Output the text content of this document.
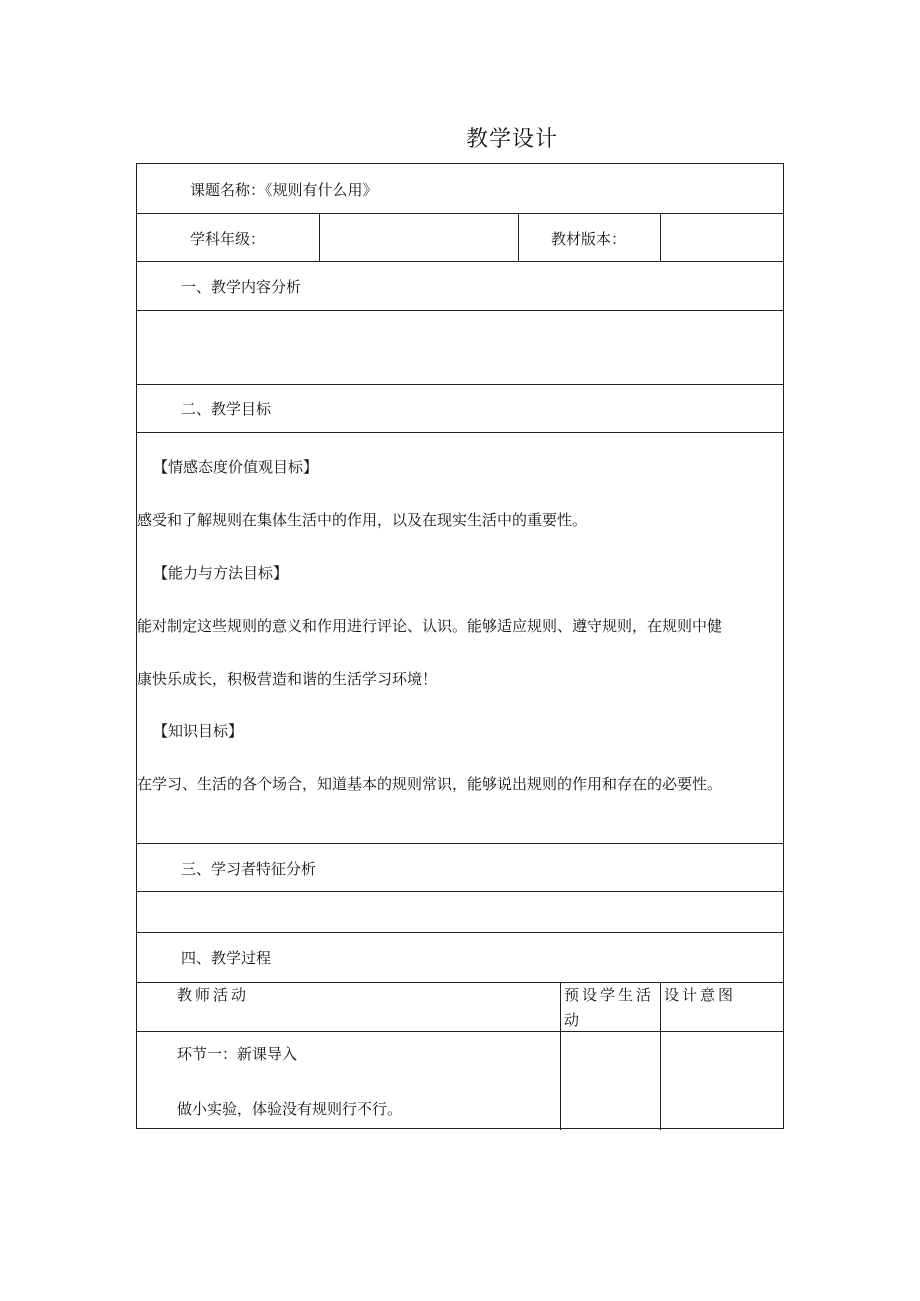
教学设计
课题名称：《规则有什么用》
学科年级：	教材版本：
一、教学内容分析
二、教学目标
【情感态度价值观目标】
感受和了解规则在集体生活中的作用，以及在现实生活中的重要性。
【能力与方法目标】
能对制定这些规则的意义和作用进行评论、认识。能够适应规则、遵守规则，在规则中健
康快乐成长，积极营造和谐的生活学习环境！
【知识目标】
在学习、生活的各个场合，知道基本的规则常识，能够说出规则的作用和存在的必要性。
三、学习者特征分析
四、教学过程
教师活动	预设学生活
动
设计意图
环节一：新课导入
做小实验，体验没有规则行不行。
